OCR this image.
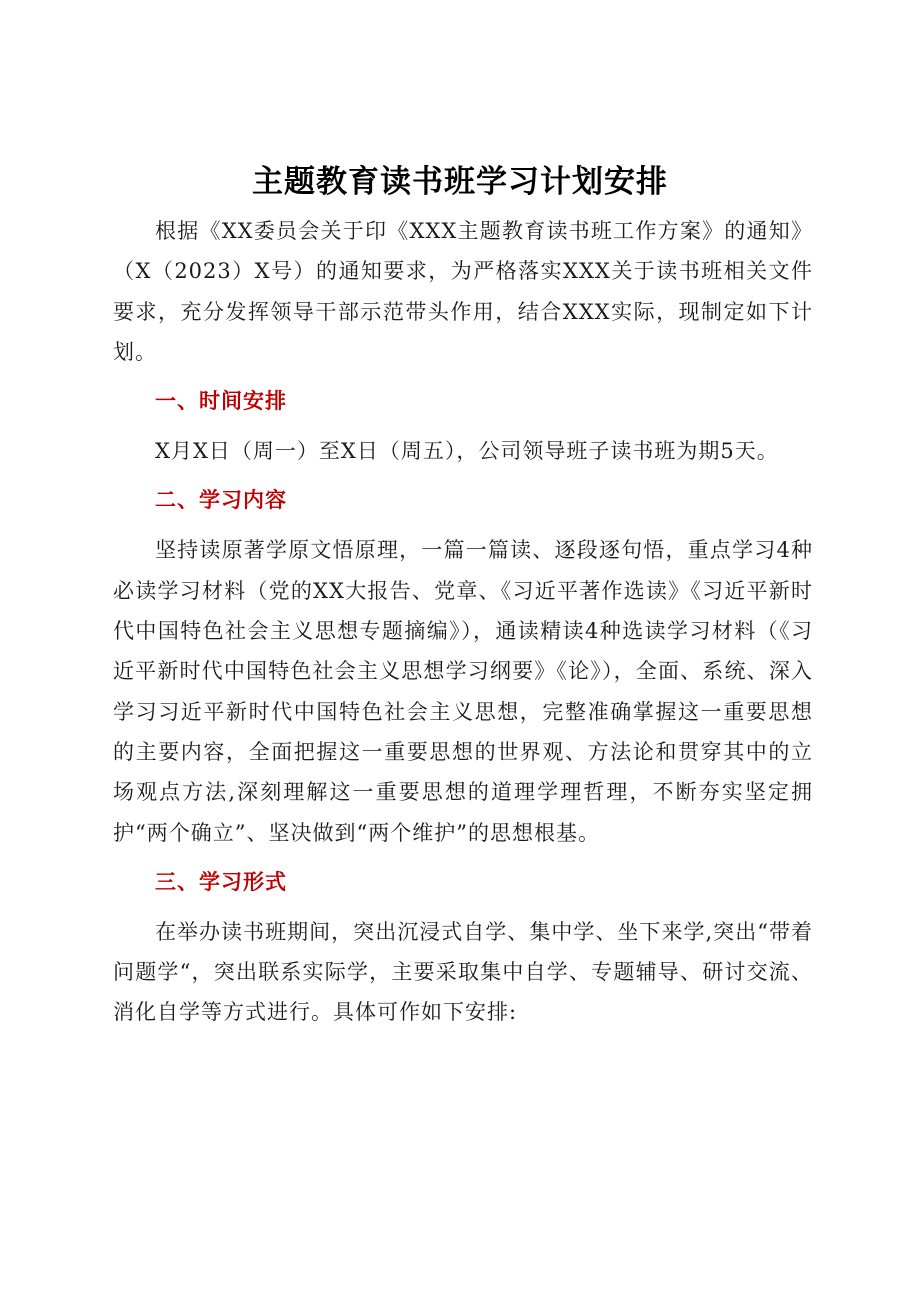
主题教育读书班学习计划安排

根据《XX委员会关于印《XXX主题教育读书班工作方案》的通知》（X（2023）X号）的通知要求，为严格落实XXX关于读书班相关文件要求，充分发挥领导干部示范带头作用，结合XXX实际，现制定如下计划。

一、时间安排

X月X日（周一）至X日（周五），公司领导班子读书班为期5天。

二、学习内容

坚持读原著学原文悟原理，一篇一篇读、逐段逐句悟，重点学习4种必读学习材料（党的XX大报告、党章、《习近平著作选读》《习近平新时代中国特色社会主义思想专题摘编》），通读精读4种选读学习材料（《习近平新时代中国特色社会主义思想学习纲要》《论》），全面、系统、深入学习习近平新时代中国特色社会主义思想，完整准确掌握这一重要思想的主要内容，全面把握这一重要思想的世界观、方法论和贯穿其中的立场观点方法,深刻理解这一重要思想的道理学理哲理，不断夯实坚定拥护“两个确立”、坚决做到“两个维护”的思想根基。

三、学习形式

在举办读书班期间，突出沉浸式自学、集中学、坐下来学,突出“带着问题学“，突出联系实际学，主要采取集中自学、专题辅导、研讨交流、消化自学等方式进行。具体可作如下安排:
